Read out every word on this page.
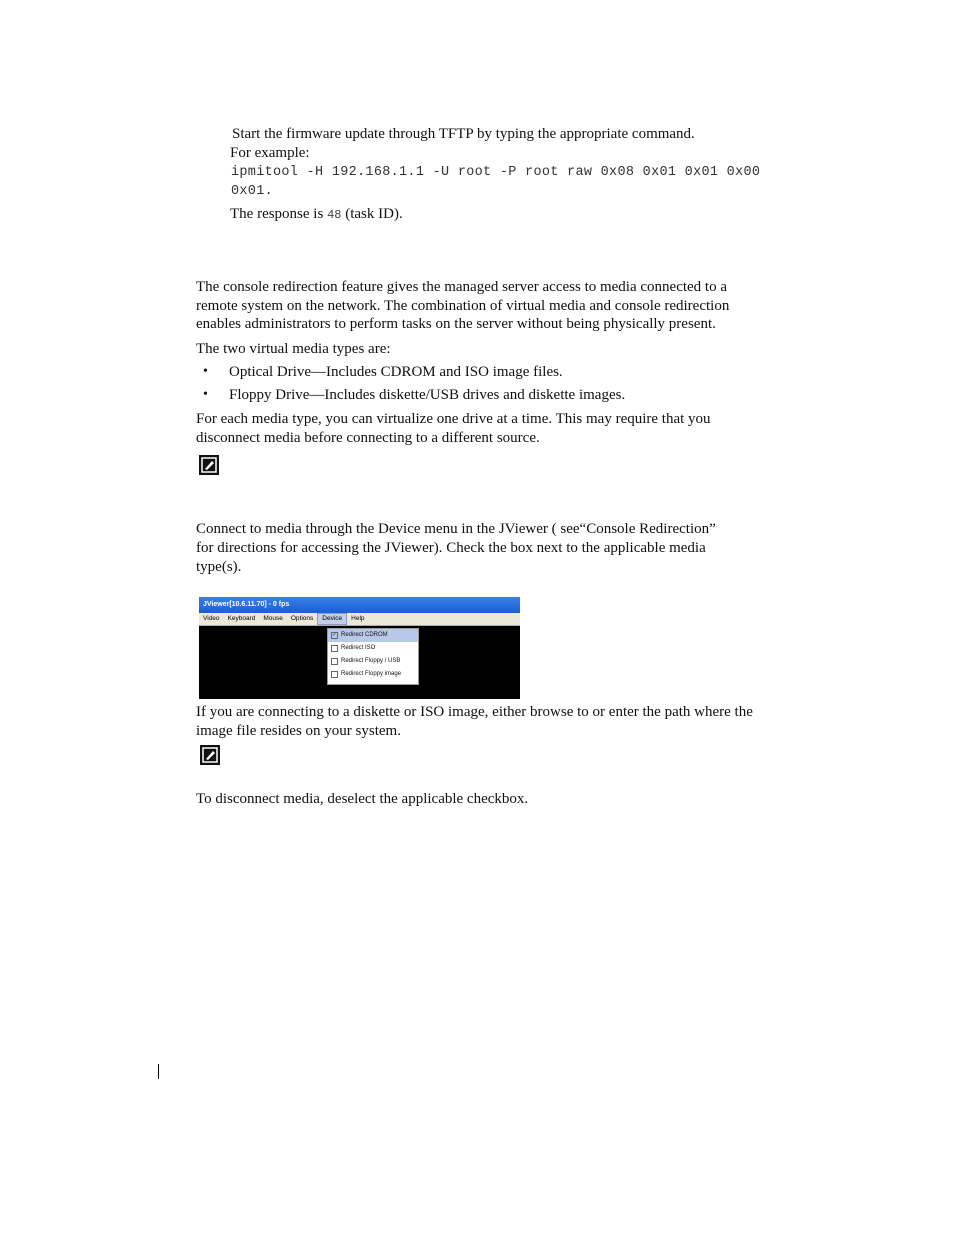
Start the firmware update through TFTP by typing the appropriate command.
For example:
ipmitool -H 192.168.1.1 -U root -P root raw 0x08 0x01 0x01 0x00
0x01.
The response is 48 (task ID).
The console redirection feature gives the managed server access to media connected to a
remote system on the network. The combination of virtual media and console redirection
enables administrators to perform tasks on the server without being physically present.
The two virtual media types are:
• Optical Drive—Includes CDROM and ISO image files.
• Floppy Drive—Includes diskette/USB drives and diskette images.
For each media type, you can virtualize one drive at a time. This may require that you
disconnect media before connecting to a different source.
Connect to media through the Device menu in the JViewer ( see“Console Redirection”
for directions for accessing the JViewer). Check the box next to the applicable media
type(s).
JViewer[10.6.11.70] - 0 fps
Video	Keyboard	Mouse	Options	Device	Help
✓ Redirect CDROM
Redirect ISO
Redirect Floppy / USB
Redirect Floppy image
If you are connecting to a diskette or ISO image, either browse to or enter the path where the
image file resides on your system.
To disconnect media, deselect the applicable checkbox.
